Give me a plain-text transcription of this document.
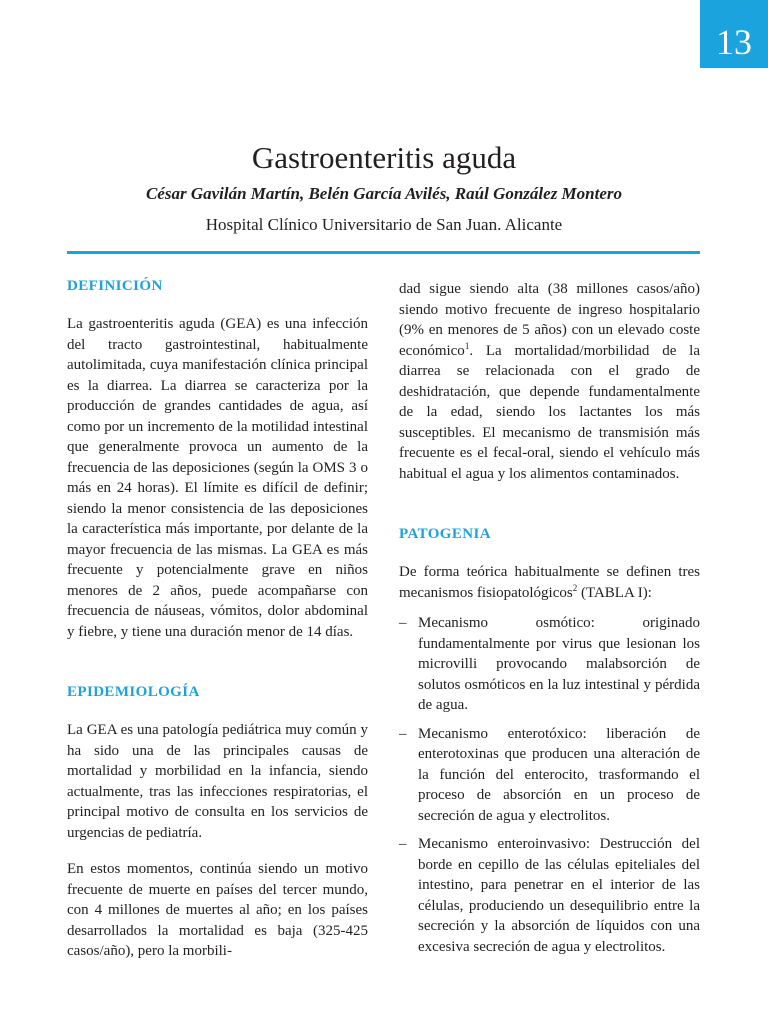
13
Gastroenteritis aguda
César Gavilán Martín, Belén García Avilés, Raúl González Montero
Hospital Clínico Universitario de San Juan. Alicante
DEFINICIÓN

La gastroenteritis aguda (GEA) es una infección del tracto gastrointestinal, habitualmente autolimitada, cuya manifestación clínica principal es la diarrea. La diarrea se caracteriza por la producción de grandes cantidades de agua, así como por un incremento de la motilidad intestinal que generalmente provoca un aumento de la frecuencia de las deposiciones (según la OMS 3 o más en 24 horas). El límite es difícil de definir; siendo la menor consistencia de las deposiciones la característica más importante, por delante de la mayor frecuencia de las mismas. La GEA es más frecuente y potencialmente grave en niños menores de 2 años, puede acompañarse con frecuencia de náuseas, vómitos, dolor abdominal y fiebre, y tiene una duración menor de 14 días.

EPIDEMIOLOGÍA

La GEA es una patología pediátrica muy común y ha sido una de las principales causas de mortalidad y morbilidad en la infancia, siendo actualmente, tras las infecciones respiratorias, el principal motivo de consulta en los servicios de urgencias de pediatría.

En estos momentos, continúa siendo un motivo frecuente de muerte en países del tercer mundo, con 4 millones de muertes al año; en los países desarrollados la mortalidad es baja (325-425 casos/año), pero la morbili-

dad sigue siendo alta (38 millones casos/año) siendo motivo frecuente de ingreso hospitalario (9% en menores de 5 años) con un elevado coste económico$^1$. La mortalidad/morbilidad de la diarrea se relacionada con el grado de deshidratación, que depende fundamentalmente de la edad, siendo los lactantes los más susceptibles. El mecanismo de transmisión más frecuente es el fecal-oral, siendo el vehículo más habitual el agua y los alimentos contaminados.

PATOGENIA

De forma teórica habitualmente se definen tres mecanismos fisiopatológicos$^2$ (TABLA I):

– Mecanismo osmótico: originado fundamentalmente por virus que lesionan los microvilli provocando malabsorción de solutos osmóticos en la luz intestinal y pérdida de agua.
– Mecanismo enterotóxico: liberación de enterotoxinas que producen una alteración de la función del enterocito, trasformando el proceso de absorción en un proceso de secreción de agua y electrolitos.
– Mecanismo enteroinvasivo: Destrucción del borde en cepillo de las células epiteliales del intestino, para penetrar en el interior de las células, produciendo un desequilibrio entre la secreción y la absorción de líquidos con una excesiva secreción de agua y electrolitos.
